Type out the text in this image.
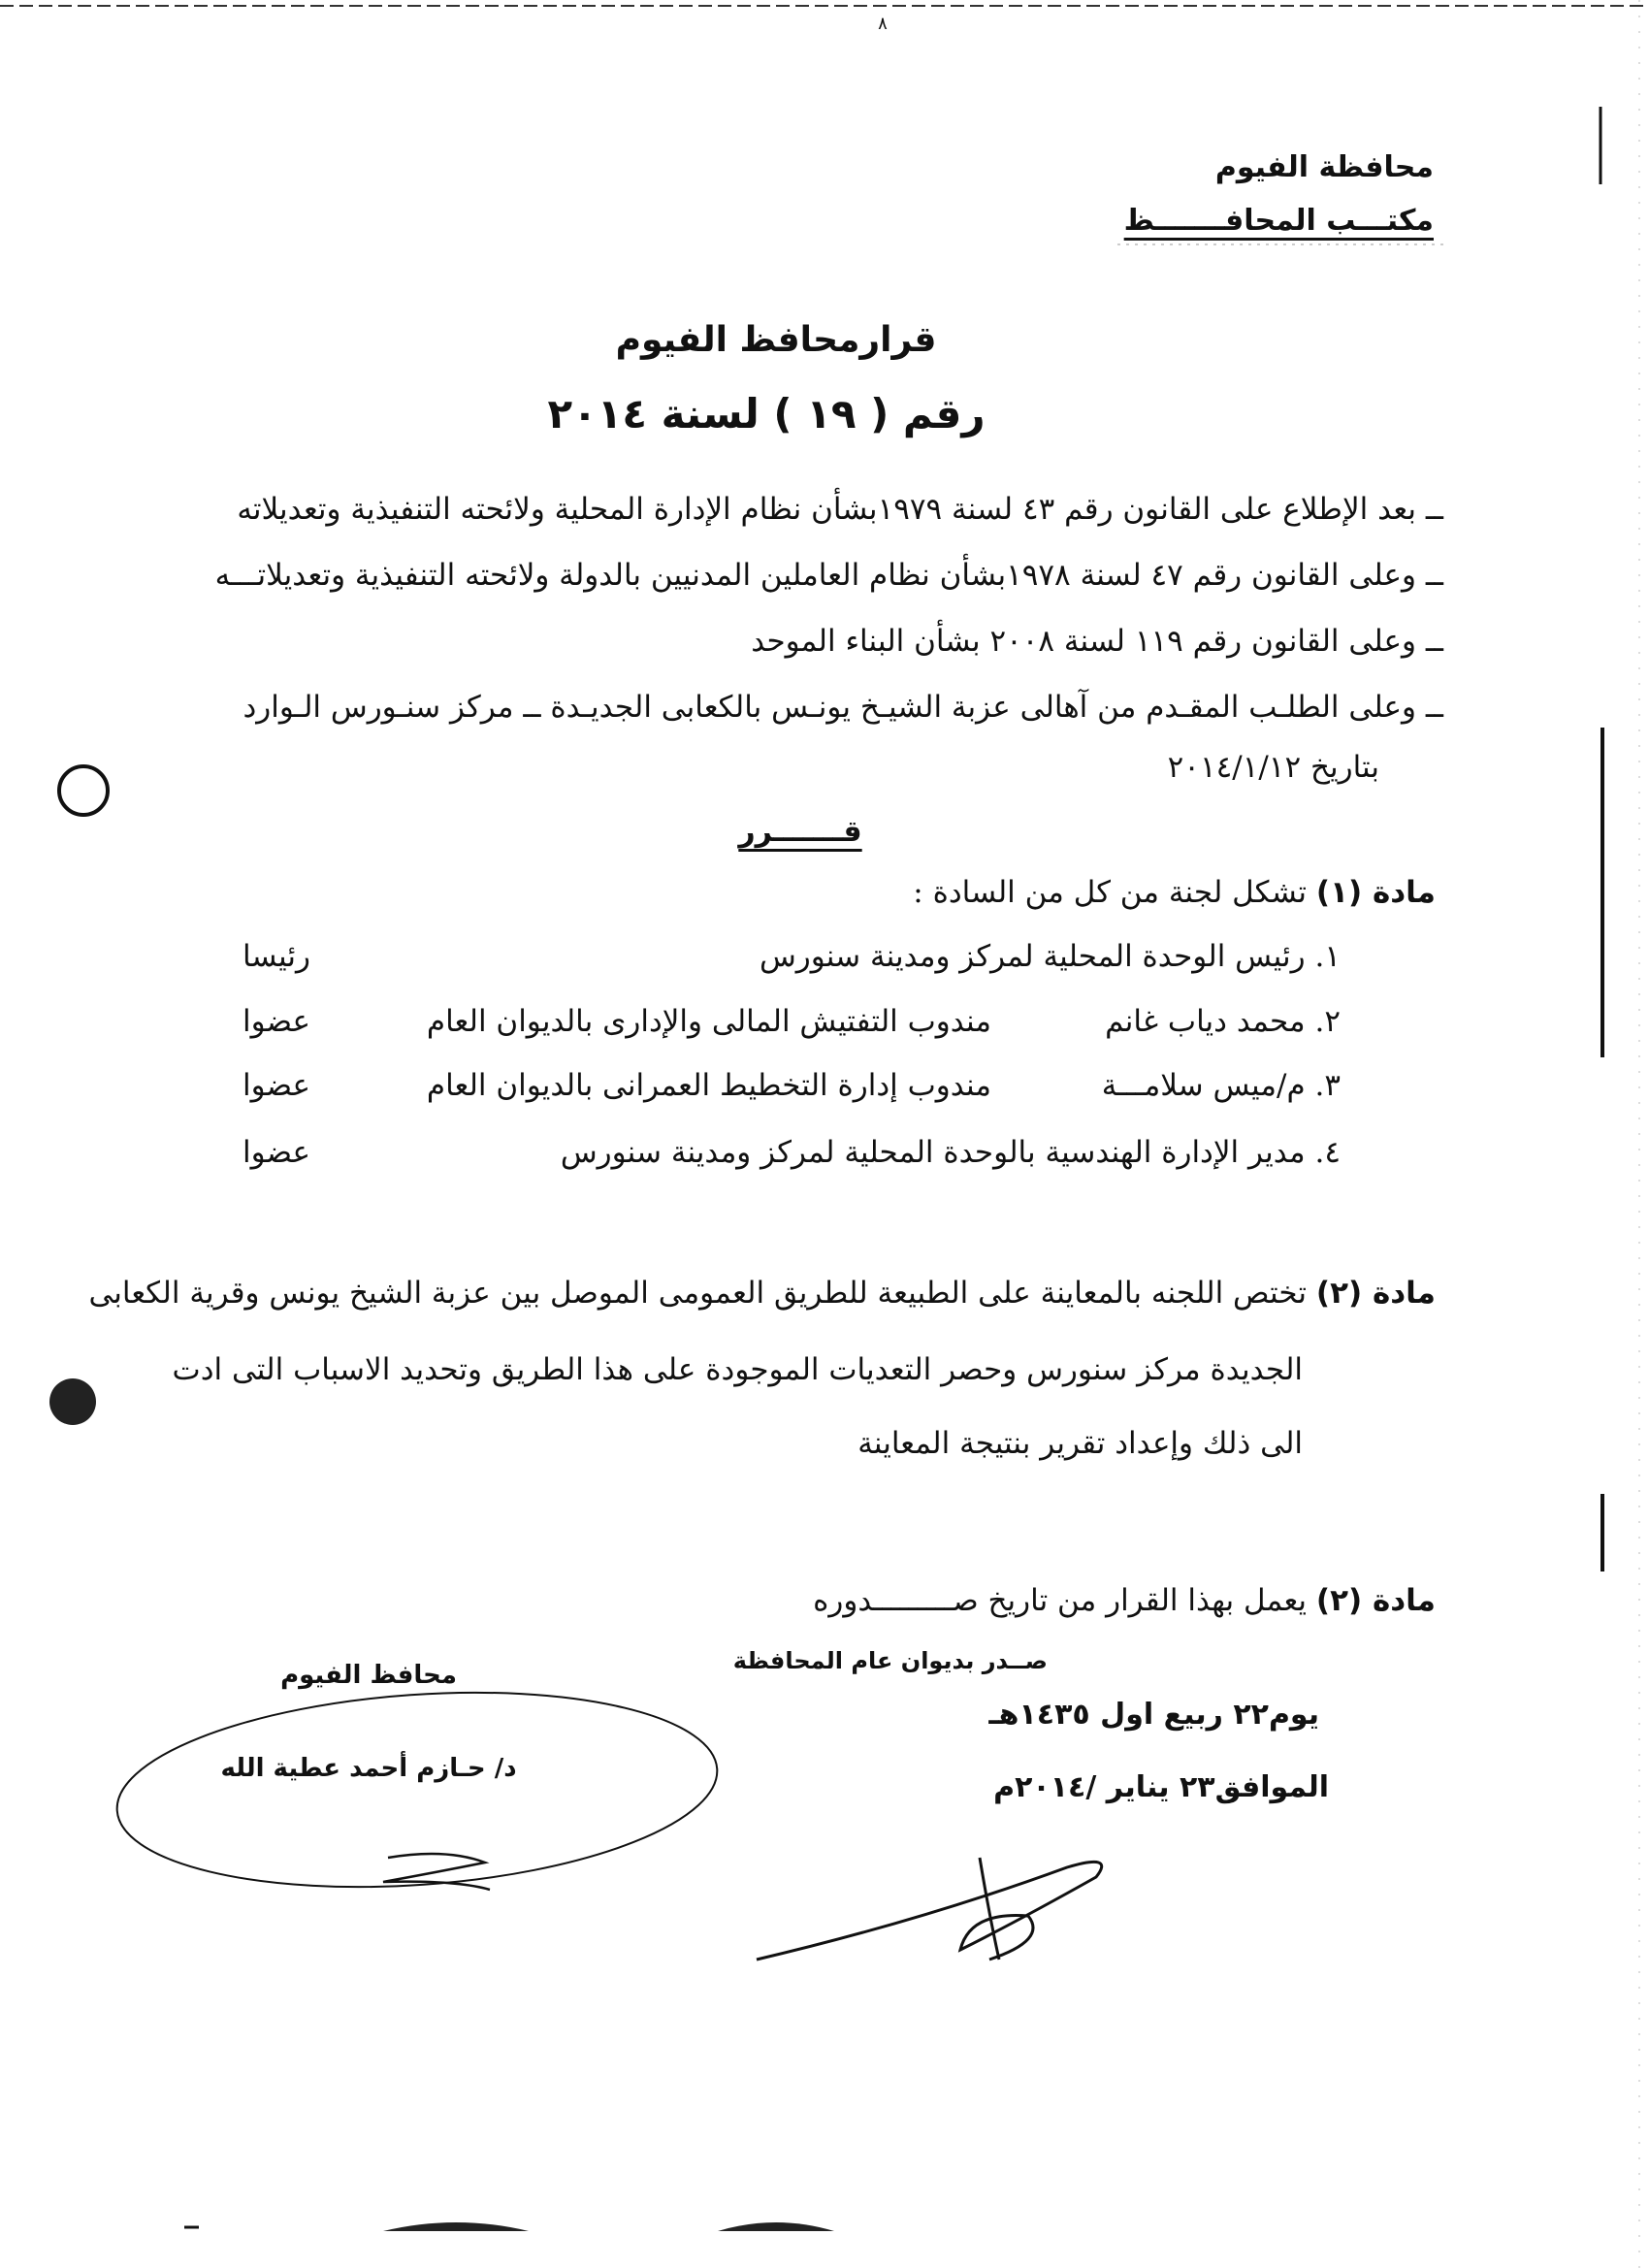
٨
محافظة الفيوم
مكتـــب المحافـــــــظ
قرارمحافظ الفيوم
رقم ( ١٩ ) لسنة ٢٠١٤
ــ بعد الإطلاع على القانون رقم ٤٣ لسنة ١٩٧٩بشأن نظام الإدارة المحلية ولائحته التنفيذية وتعديلاته
ــ وعلى القانون رقم ٤٧ لسنة ١٩٧٨بشأن نظام العاملين المدنيين بالدولة ولائحته التنفيذية وتعديلاتـــه
ــ وعلى القانون رقم ١١٩ لسنة ٢٠٠٨ بشأن البناء الموحد
ــ وعلى الطلـب المقـدم من آهالى عزبة الشيـخ يونـس بالكعابى الجديـدة ــ مركز سنـورس الـوارد
بتاريخ ٢٠١٤/١/١٢
قـــــــرر
مادة (١) تشكل لجنة من كل من السادة :
١. رئيس الوحدة المحلية لمركز ومدينة سنورس
رئيسا
٢. محمد دياب غانم
مندوب التفتيش المالى والإدارى بالديوان العام
عضوا
٣. م/ميس سلامـــة
مندوب إدارة التخطيط العمرانى بالديوان العام
عضوا
٤. مدير الإدارة الهندسية بالوحدة المحلية لمركز ومدينة سنورس
عضوا
مادة (٢) تختص اللجنه بالمعاينة على الطبيعة للطريق العمومى الموصل بين عزبة الشيخ يونس وقرية الكعابى
الجديدة مركز سنورس وحصر التعديات الموجودة على هذا الطريق وتحديد الاسباب التى ادت
الى ذلك وإعداد تقرير بنتيجة المعاينة
مادة (٢) يعمل بهذا القرار من تاريخ صـــــــــدوره
صــدر بديوان عام المحافظة
يوم٢٢ ربيع اول ١٤٣٥هـ
الموافق٢٣ يناير /٢٠١٤م
محافظ الفيوم
د/ حـازم أحمد عطية الله
